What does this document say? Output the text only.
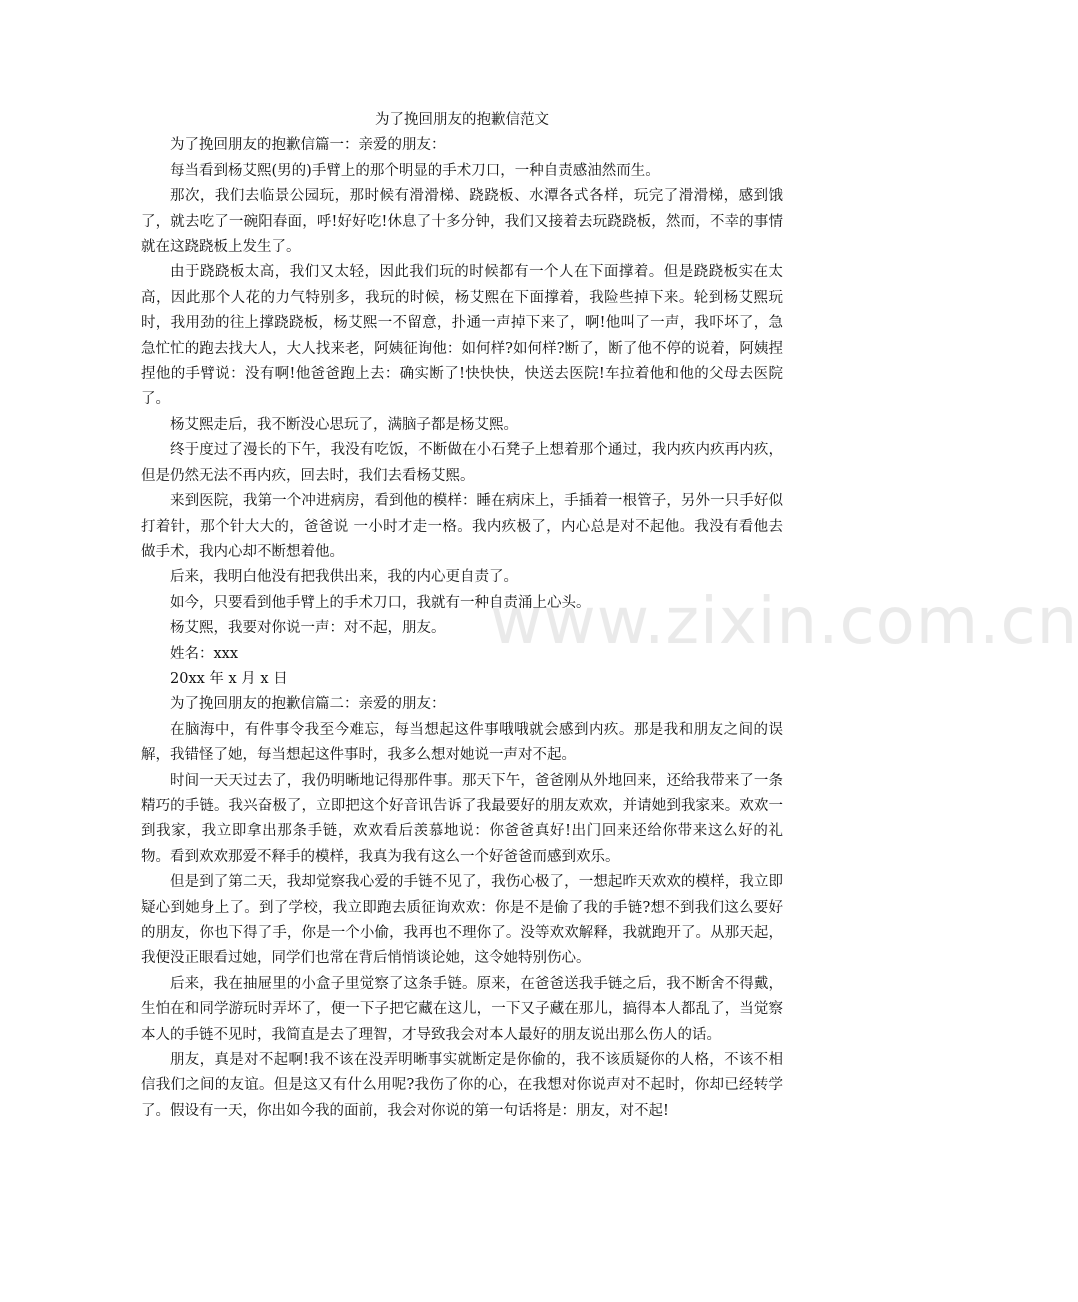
为了挽回朋友的抱歉信范文

为了挽回朋友的抱歉信篇一：亲爱的朋友：

每当看到杨艾熙(男的)手臂上的那个明显的手术刀口，一种自责感油然而生。

那次，我们去临景公园玩，那时候有滑滑梯、跷跷板、水潭各式各样，玩完了滑滑梯，感到饿了，就去吃了一碗阳春面，呼!好好吃!休息了十多分钟，我们又接着去玩跷跷板，然而，不幸的事情就在这跷跷板上发生了。

由于跷跷板太高，我们又太轻，因此我们玩的时候都有一个人在下面撑着。但是跷跷板实在太高，因此那个人花的力气特别多，我玩的时候，杨艾熙在下面撑着，我险些掉下来。轮到杨艾熙玩时，我用劲的往上撑跷跷板，杨艾熙一不留意，扑通一声掉下来了，啊!他叫了一声，我吓坏了，急急忙忙的跑去找大人，大人找来老，阿姨征询他：如何样?如何样?断了，断了他不停的说着，阿姨捏捏他的手臂说：没有啊!他爸爸跑上去：确实断了!快快快，快送去医院!车拉着他和他的父母去医院了。

杨艾熙走后，我不断没心思玩了，满脑子都是杨艾熙。

终于度过了漫长的下午，我没有吃饭，不断做在小石凳子上想着那个通过，我内疚内疚再内疚，但是仍然无法不再内疚，回去时，我们去看杨艾熙。

来到医院，我第一个冲进病房，看到他的模样：睡在病床上，手插着一根管子，另外一只手好似打着针，那个针大大的，爸爸说 一小时才走一格。我内疚极了，内心总是对不起他。我没有看他去做手术，我内心却不断想着他。

后来，我明白他没有把我供出来，我的内心更自责了。

如今，只要看到他手臂上的手术刀口，我就有一种自责涌上心头。

杨艾熙，我要对你说一声：对不起，朋友。

姓名：xxx

20xx 年 x 月 x 日

为了挽回朋友的抱歉信篇二：亲爱的朋友：

在脑海中，有件事令我至今难忘，每当想起这件事哦哦就会感到内疚。那是我和朋友之间的误解，我错怪了她，每当想起这件事时，我多么想对她说一声对不起。

时间一天天过去了，我仍明晰地记得那件事。那天下午，爸爸刚从外地回来，还给我带来了一条精巧的手链。我兴奋极了，立即把这个好音讯告诉了我最要好的朋友欢欢，并请她到我家来。欢欢一到我家，我立即拿出那条手链，欢欢看后羡慕地说：你爸爸真好!出门回来还给你带来这么好的礼物。看到欢欢那爱不释手的模样，我真为我有这么一个好爸爸而感到欢乐。

但是到了第二天，我却觉察我心爱的手链不见了，我伤心极了，一想起昨天欢欢的模样，我立即疑心到她身上了。到了学校，我立即跑去质征询欢欢：你是不是偷了我的手链?想不到我们这么要好的朋友，你也下得了手，你是一个小偷，我再也不理你了。没等欢欢解释，我就跑开了。从那天起，我便没正眼看过她，同学们也常在背后悄悄谈论她，这令她特别伤心。

后来，我在抽屉里的小盒子里觉察了这条手链。原来，在爸爸送我手链之后，我不断舍不得戴，生怕在和同学游玩时弄坏了，便一下子把它藏在这儿，一下又子藏在那儿，搞得本人都乱了，当觉察本人的手链不见时，我简直是去了理智，才导致我会对本人最好的朋友说出那么伤人的话。

朋友，真是对不起啊!我不该在没弄明晰事实就断定是你偷的，我不该质疑你的人格，不该不相信我们之间的友谊。但是这又有什么用呢?我伤了你的心，在我想对你说声对不起时，你却已经转学了。假设有一天，你出如今我的面前，我会对你说的第一句话将是：朋友，对不起!

www.zixin.com.cn
